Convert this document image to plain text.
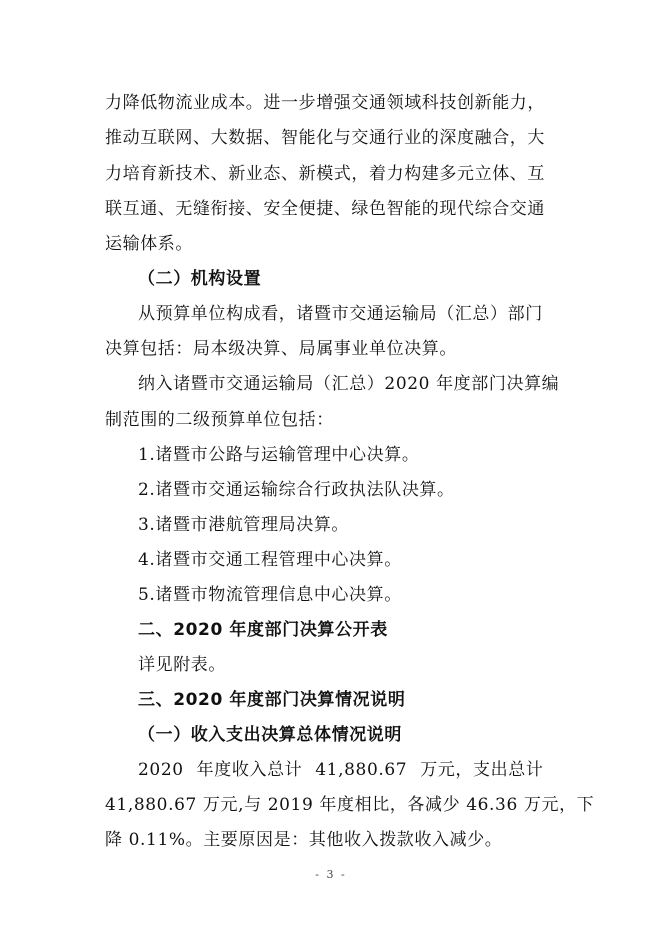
力降低物流业成本。进一步增强交通领域科技创新能力，
推动互联网、大数据、智能化与交通行业的深度融合，大
力培育新技术、新业态、新模式，着力构建多元立体、互
联互通、无缝衔接、安全便捷、绿色智能的现代综合交通
运输体系。
（二）机构设置
从预算单位构成看，诸暨市交通运输局（汇总）部门
决算包括：局本级决算、局属事业单位决算。
纳入诸暨市交通运输局（汇总）2020 年度部门决算编
制范围的二级预算单位包括：
1.诸暨市公路与运输管理中心决算。
2.诸暨市交通运输综合行政执法队决算。
3.诸暨市港航管理局决算。
4.诸暨市交通工程管理中心决算。
5.诸暨市物流管理信息中心决算。
二、2020 年度部门决算公开表
详见附表。
三、2020 年度部门决算情况说明
（一）收入支出决算总体情况说明
2020 年度收入总计 41,880.67 万元，支出总计
41,880.67 万元,与 2019 年度相比，各减少 46.36 万元，下
降 0.11%。主要原因是：其他收入拨款收入减少。
- 3 -
